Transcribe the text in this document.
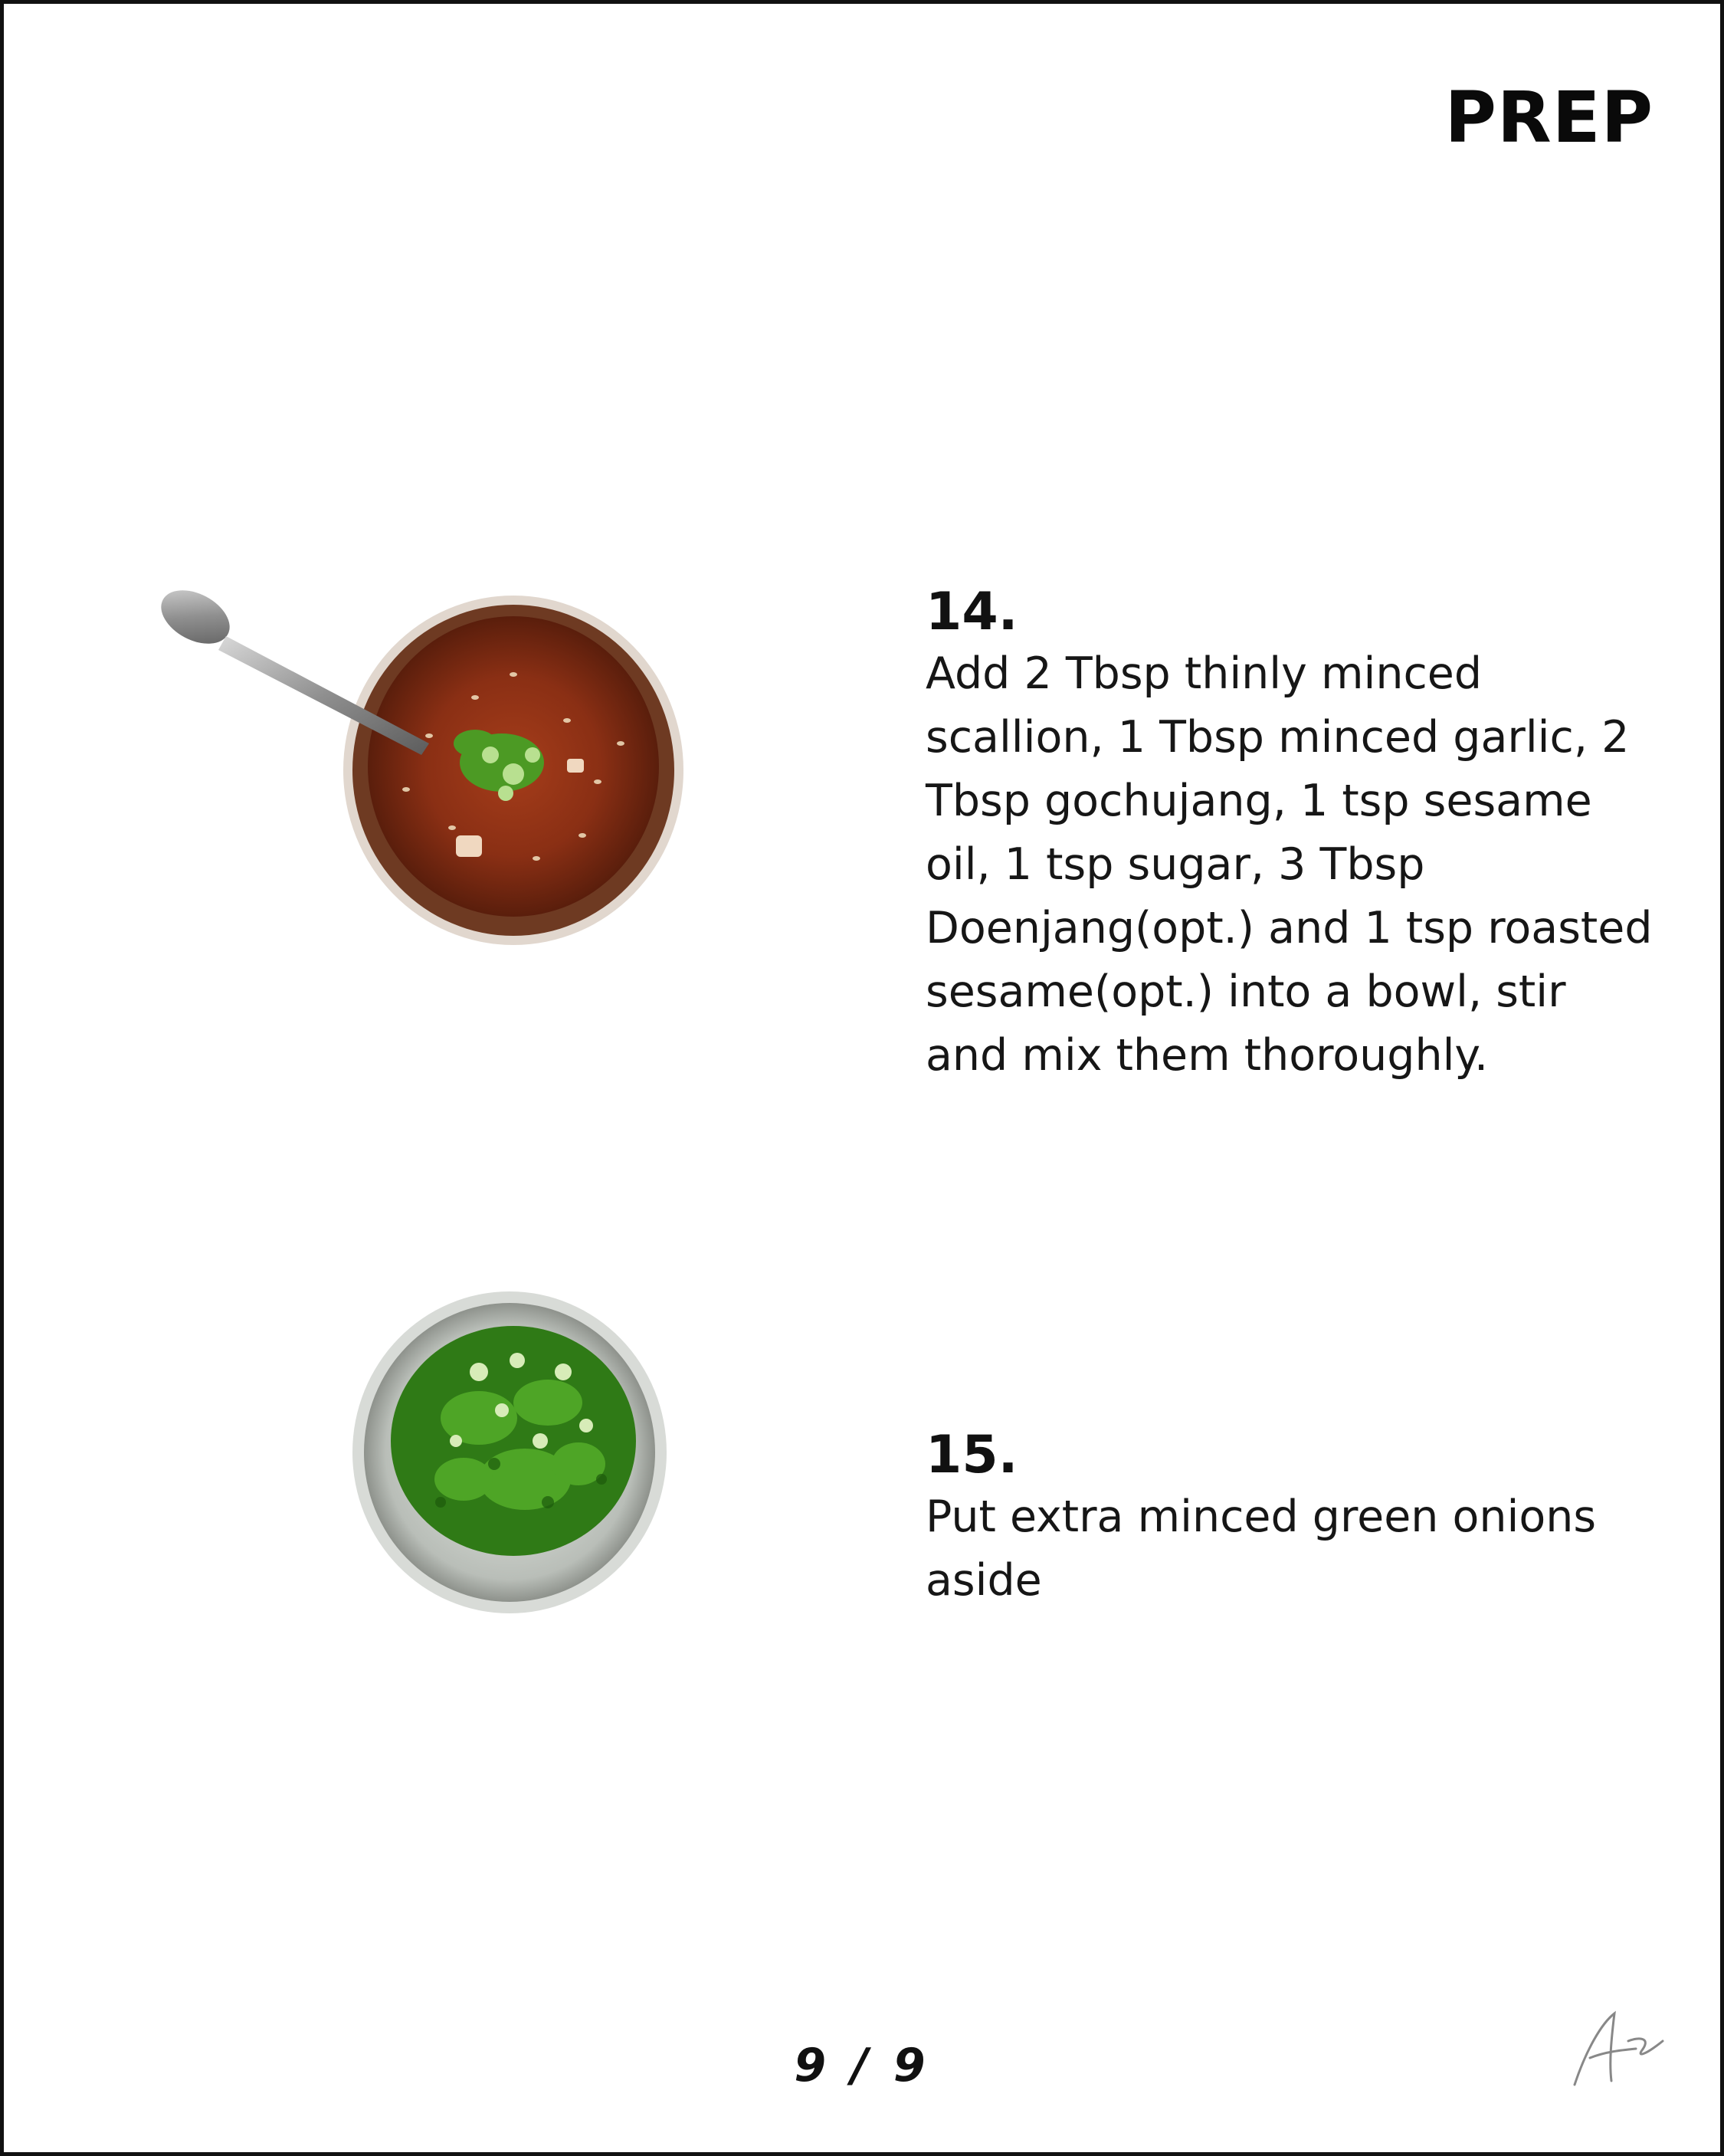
PREP
14.
Add 2 Tbsp thinly minced scallion, 1 Tbsp minced garlic, 2 Tbsp gochujang, 1 tsp sesame oil, 1 tsp sugar, 3 Tbsp Doenjang(opt.) and 1 tsp roasted sesame(opt.) into a bowl, stir and mix them thoroughly.
15.
Put extra minced green onions aside
9 / 9
